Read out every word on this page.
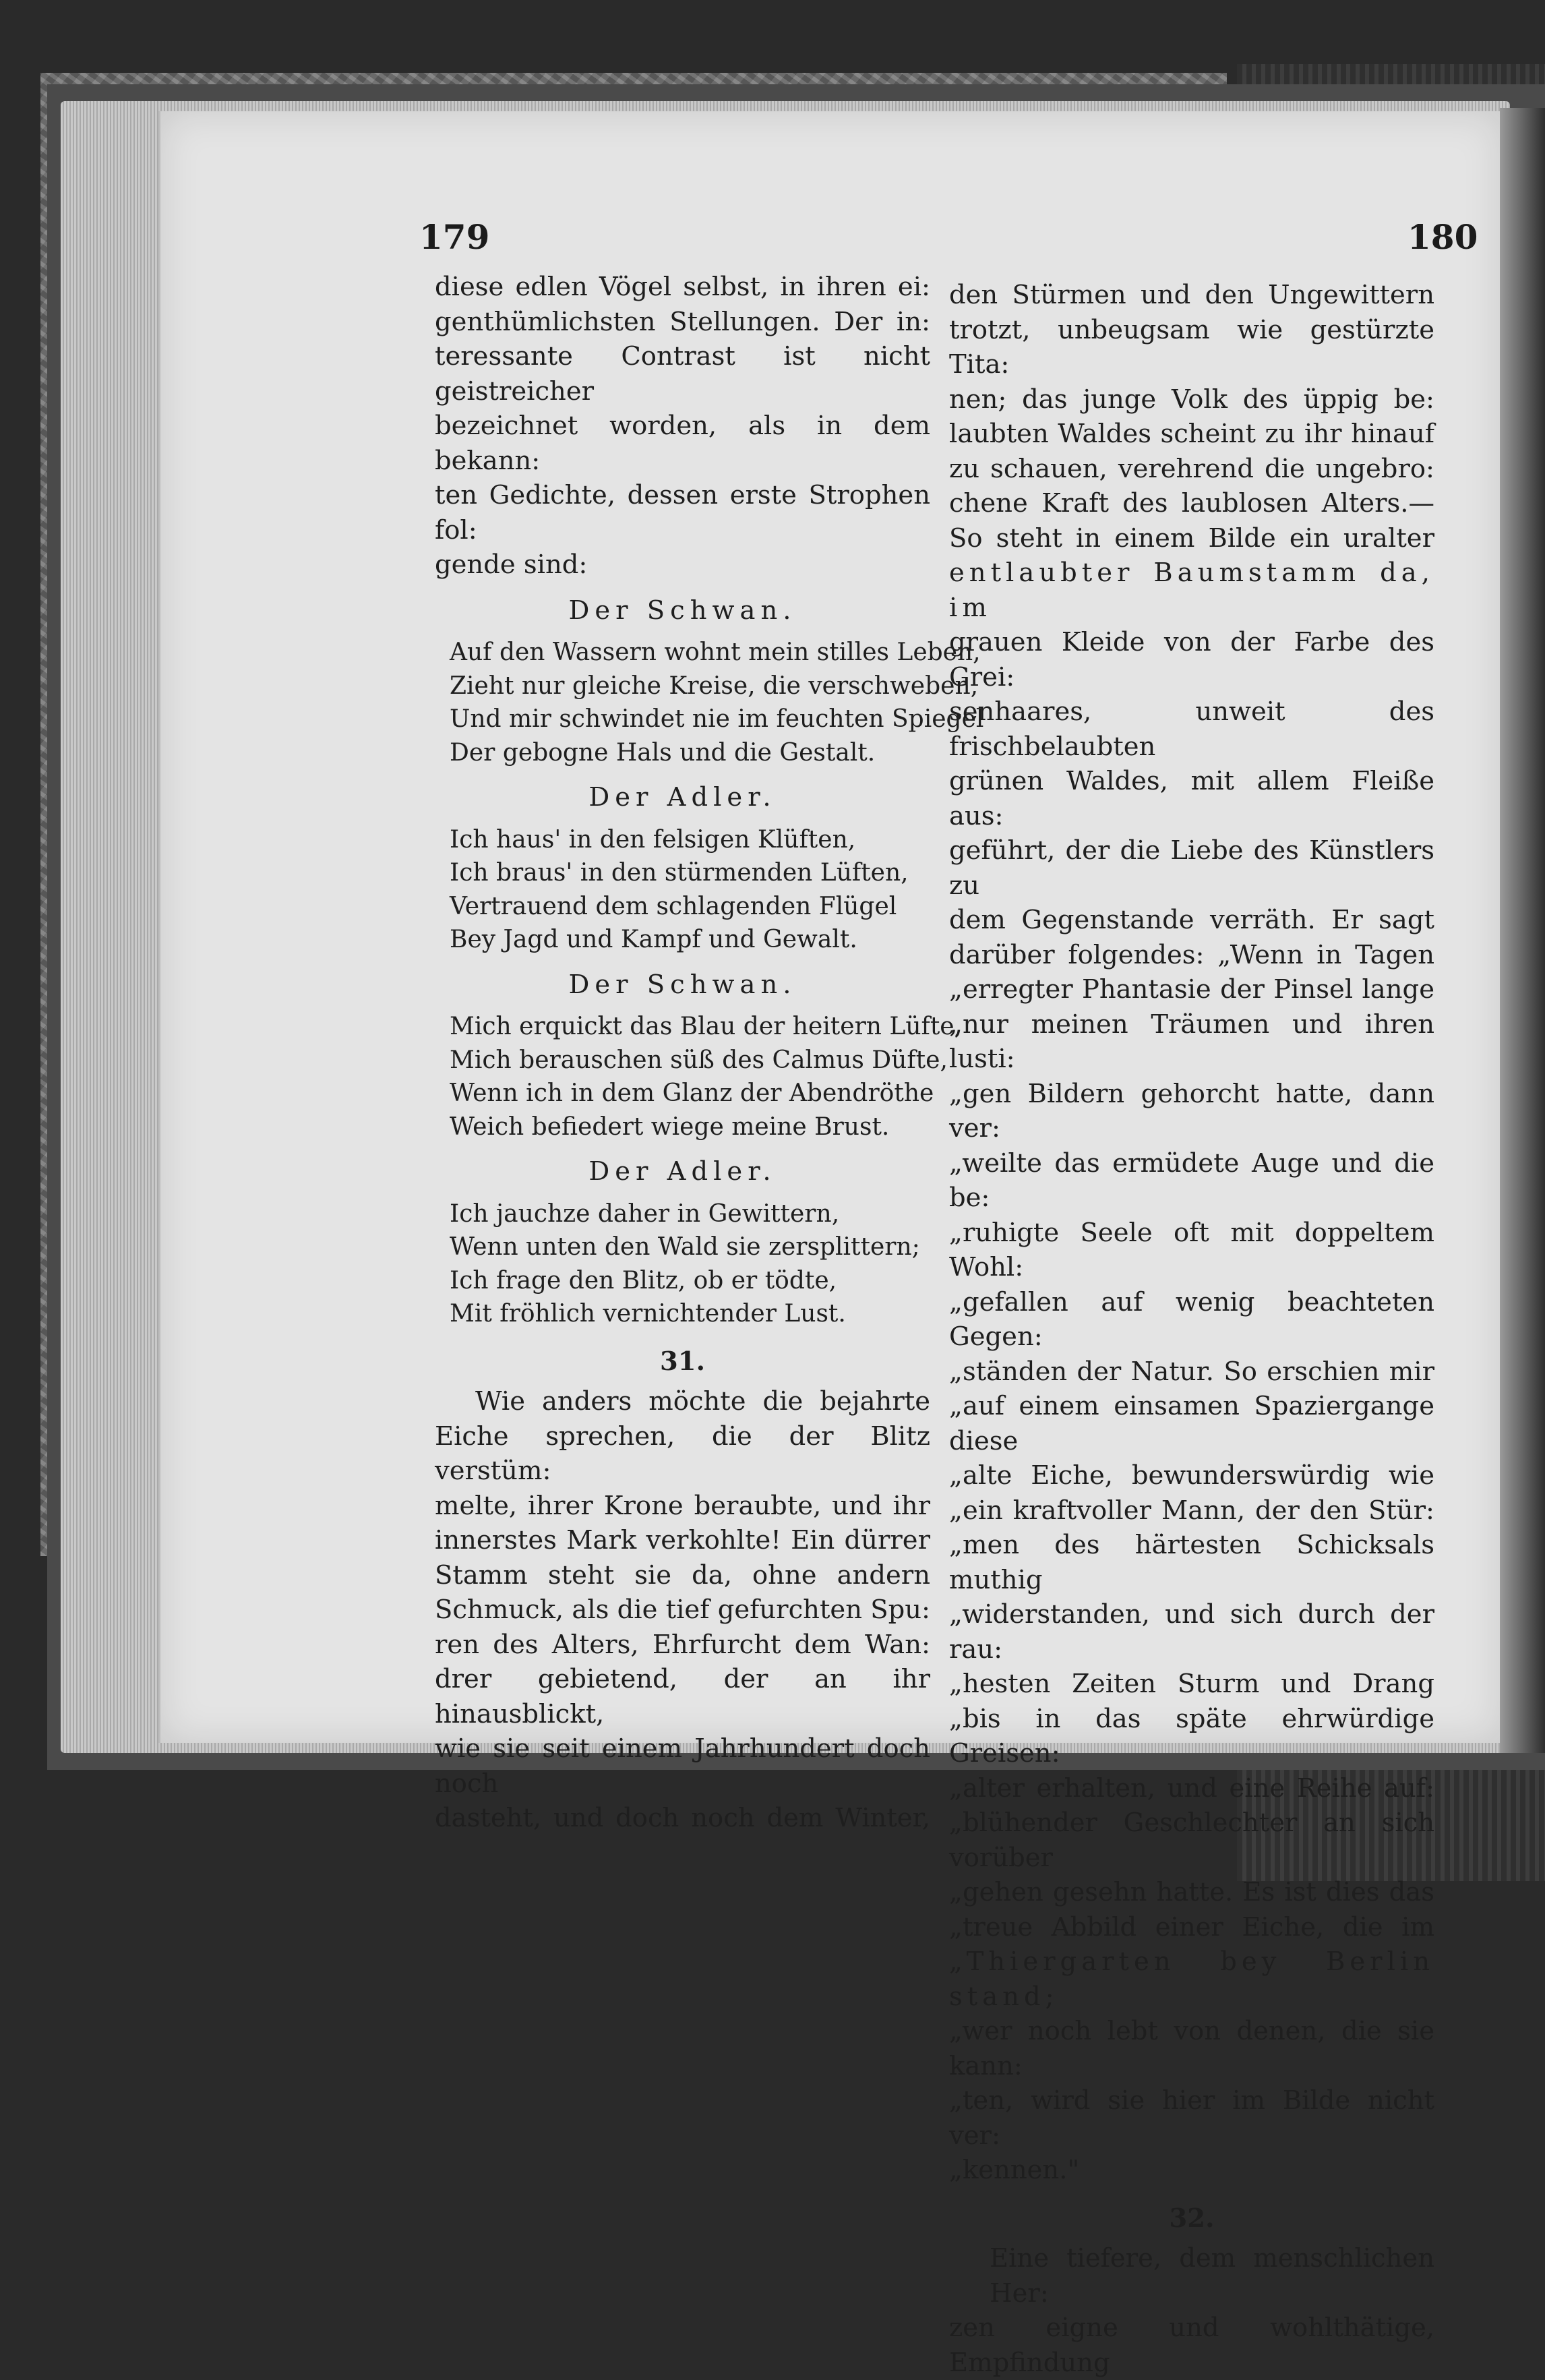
179	180

diese edlen Vögel selbst, in ihren ei:

genthümlichsten Stellungen. Der in:

teressante Contrast ist nicht geistreicher

bezeichnet worden, als in dem bekann:

ten Gedichte, dessen erste Strophen fol:

gende sind:

Der Schwan.
Auf den Wassern wohnt mein stilles Leben,
Zieht nur gleiche Kreise, die verschweben,
Und mir schwindet nie im feuchten Spiegel
Der gebogne Hals und die Gestalt.
Der Adler.
Ich haus' in den felsigen Klüften,
Ich braus' in den stürmenden Lüften,
Vertrauend dem schlagenden Flügel
Bey Jagd und Kampf und Gewalt.
Der Schwan.
Mich erquickt das Blau der heitern Lüfte,
Mich berauschen süß des Calmus Düfte,
Wenn ich in dem Glanz der Abendröthe
Weich befiedert wiege meine Brust.
Der Adler.
Ich jauchze daher in Gewittern,
Wenn unten den Wald sie zersplittern;
Ich frage den Blitz, ob er tödte,
Mit fröhlich vernichtender Lust.
31.

Wie anders möchte die bejahrte

Eiche sprechen, die der Blitz verstüm:

melte, ihrer Krone beraubte, und ihr

innerstes Mark verkohlte! Ein dürrer

Stamm steht sie da, ohne andern

Schmuck, als die tief gefurchten Spu:

ren des Alters, Ehrfurcht dem Wan:

drer gebietend, der an ihr hinausblickt,

wie sie seit einem Jahrhundert doch noch

dasteht, und doch noch dem Winter,

den Stürmen und den Ungewittern

trotzt, unbeugsam wie gestürzte Tita:

nen; das junge Volk des üppig be:

laubten Waldes scheint zu ihr hinauf

zu schauen, verehrend die ungebro:

chene Kraft des laublosen Alters.—

So steht in einem Bilde ein uralter

entlaubter Baumstamm da, im

grauen Kleide von der Farbe des Grei:

senhaares, unweit des frischbelaubten

grünen Waldes, mit allem Fleiße aus:

geführt, der die Liebe des Künstlers zu

dem Gegenstande verräth. Er sagt

darüber folgendes: „Wenn in Tagen

„erregter Phantasie der Pinsel lange

„nur meinen Träumen und ihren lusti:

„gen Bildern gehorcht hatte, dann ver:

„weilte das ermüdete Auge und die be:

„ruhigte Seele oft mit doppeltem Wohl:

„gefallen auf wenig beachteten Gegen:

„ständen der Natur. So erschien mir

„auf einem einsamen Spaziergange diese

„alte Eiche, bewunderswürdig wie

„ein kraftvoller Mann, der den Stür:

„men des härtesten Schicksals muthig

„widerstanden, und sich durch der rau:

„hesten Zeiten Sturm und Drang

„bis in das späte ehrwürdige Greisen:

„alter erhalten, und eine Reihe auf:

„blühender Geschlechter an sich vorüber

„gehen gesehn hatte. Es ist dies das

„treue Abbild einer Eiche, die im

„Thiergarten bey Berlin stand;

„wer noch lebt von denen, die sie kann:

„ten, wird sie hier im Bilde nicht ver:

„kennen."

32.

Eine tiefere, dem menschlichen Her:

zen eigne und wohlthätige, Empfindung
